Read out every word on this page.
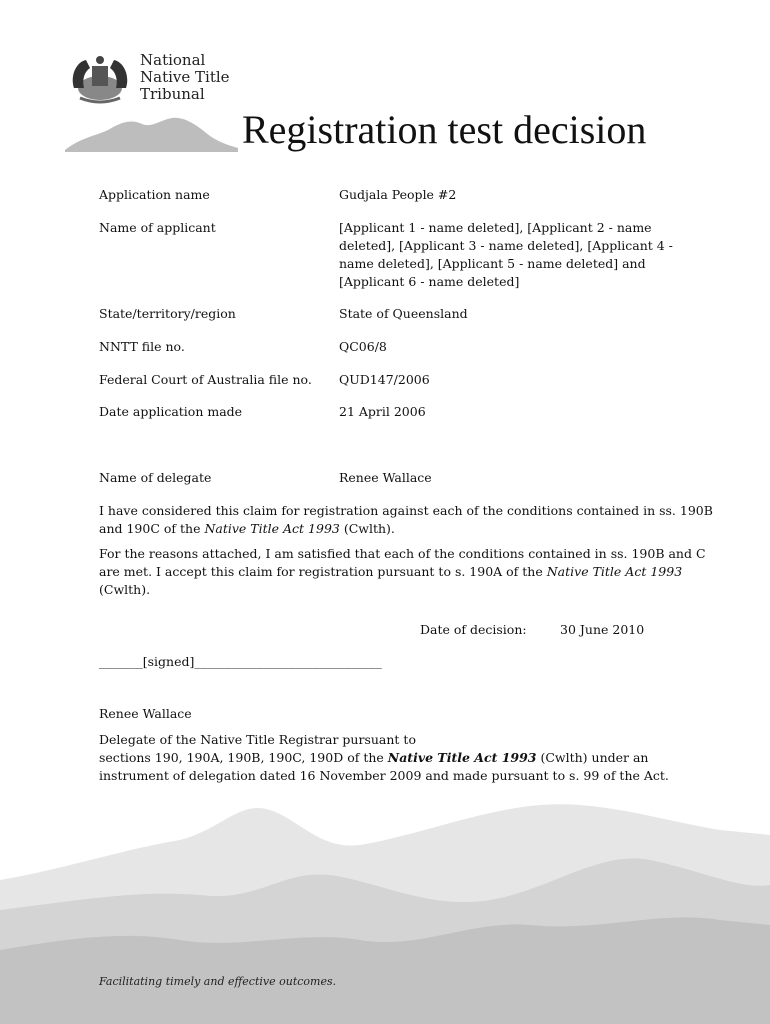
National
Native Title
Tribunal
Registration test decision
Application name	Gudjala People #2
Name of applicant	[Applicant 1 - name deleted], [Applicant 2 - name deleted], [Applicant 3 - name deleted], [Applicant 4 - name deleted], [Applicant 5 - name deleted] and [Applicant 6 - name deleted]
State/territory/region	State of Queensland
NNTT file no.	QC06/8
Federal Court of Australia file no.	QUD147/2006
Date application made	21 April 2006
Name of delegate	Renee Wallace
I have considered this claim for registration against each of the conditions contained in ss. 190B and 190C of the Native Title Act 1993 (Cwlth).
For the reasons attached, I am satisfied that each of the conditions contained in ss. 190B and C are met. I accept this claim for registration pursuant to s. 190A of the Native Title Act 1993 (Cwlth).
Date of decision:	30 June 2010
_______[signed]______________________________
Renee Wallace
Delegate of the Native Title Registrar pursuant to
sections 190, 190A, 190B, 190C, 190D of the Native Title Act 1993 (Cwlth) under an instrument of delegation dated 16 November 2009 and made pursuant to s. 99 of the Act.
Facilitating timely and effective outcomes.
